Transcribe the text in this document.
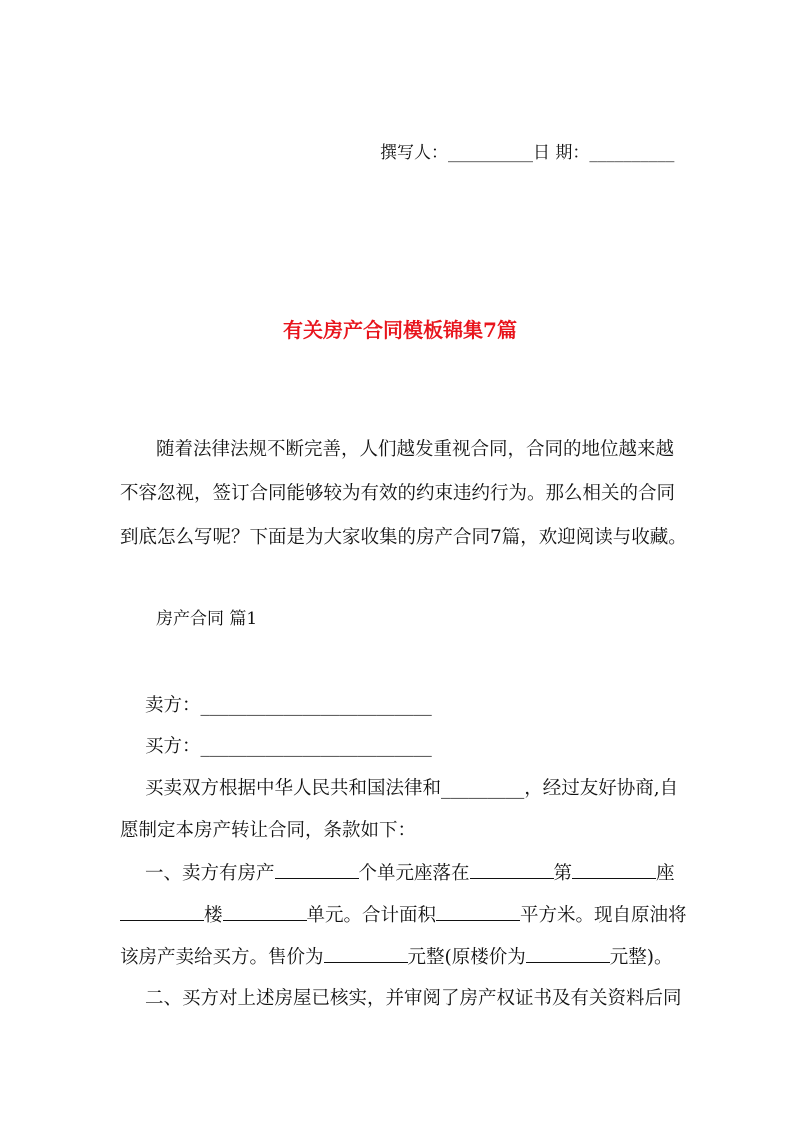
撰写人：__________日 期：__________
有关房产合同模板锦集7篇
随着法律法规不断完善，人们越发重视合同，合同的地位越来越
不容忽视，签订合同能够较为有效的约束违约行为。那么相关的合同
到底怎么写呢？下面是为大家收集的房产合同7篇，欢迎阅读与收藏。
房产合同 篇1
卖方：_________________________
买方：_________________________
买卖双方根据中华人民共和国法律和_________，经过友好协商,自
愿制定本房产转让合同，条款如下：
一、卖方有房产	个单元座落在	第	座
楼	单元。合计面积	平方米。现自原油将
该房产卖给买方。售价为	元整(原楼价为	元整)。
二、买方对上述房屋已核实，并审阅了房产权证书及有关资料后同
